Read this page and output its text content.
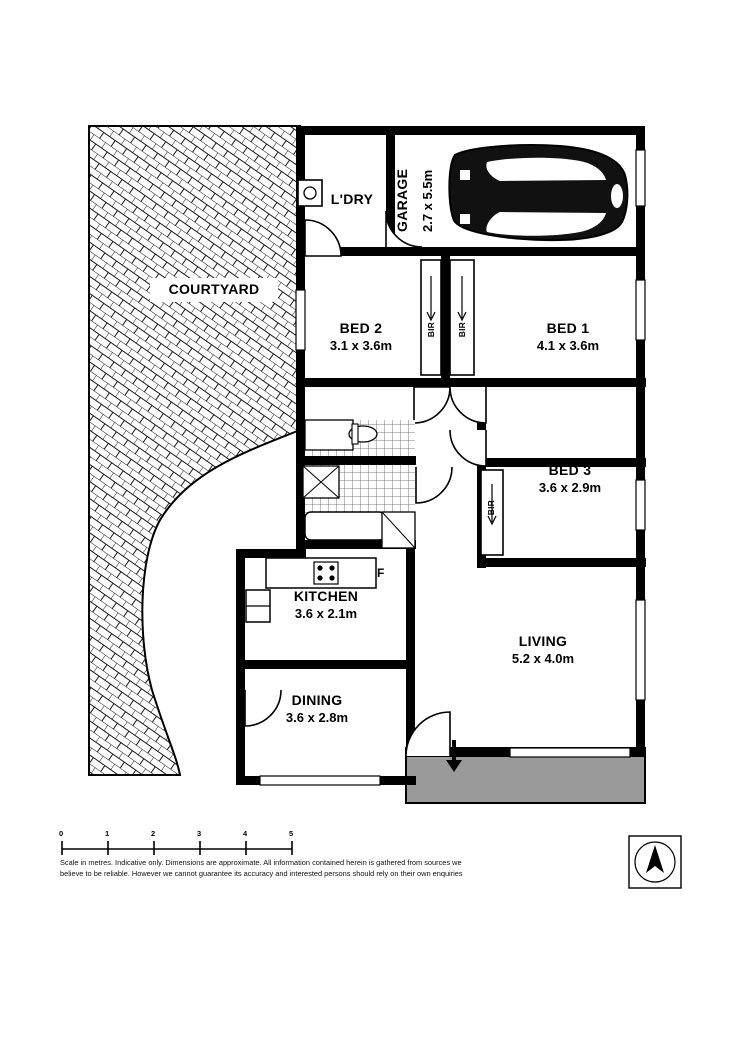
COURTYARD
L'DRY	GARAGE 2.7 x 5.5m
BED 2
3.1 x 3.6m
BED 1
4.1 x 3.6m
BED 3
3.6 x 2.9m
KITCHEN
3.6 x 2.1m
DINING
3.6 x 2.8m
LIVING
5.2 x 4.0m
BIR BIR
BIR
F
0	1	2	3	4	5
Scale in metres. Indicative only. Dimensions are approximate. All information contained herein is gathered from sources we
believe to be reliable. However we cannot guarantee its accuracy and interested persons should rely on their own enquiries
